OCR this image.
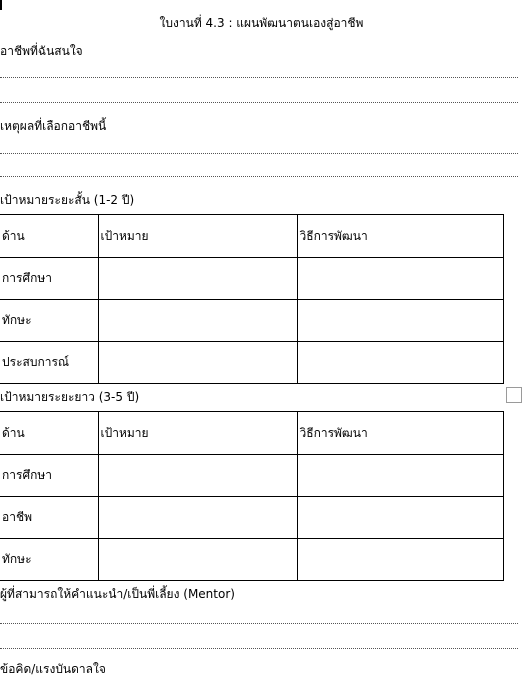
ใบงานที่ 4.3 : แผนพัฒนาตนเองสู่อาชีพ
อาชีพที่ฉันสนใจ
เหตุผลที่เลือกอาชีพนี้
เป้าหมายระยะสั้น (1-2 ปี)
ด้าน	เป้าหมาย	วิธีการพัฒนา
การศึกษา		
ทักษะ		
ประสบการณ์		
เป้าหมายระยะยาว (3-5 ปี)
ด้าน	เป้าหมาย	วิธีการพัฒนา
การศึกษา		
อาชีพ		
ทักษะ		
ผู้ที่สามารถให้คำแนะนำ/เป็นพี่เลี้ยง (Mentor)
ข้อคิด/แรงบันดาลใจ
